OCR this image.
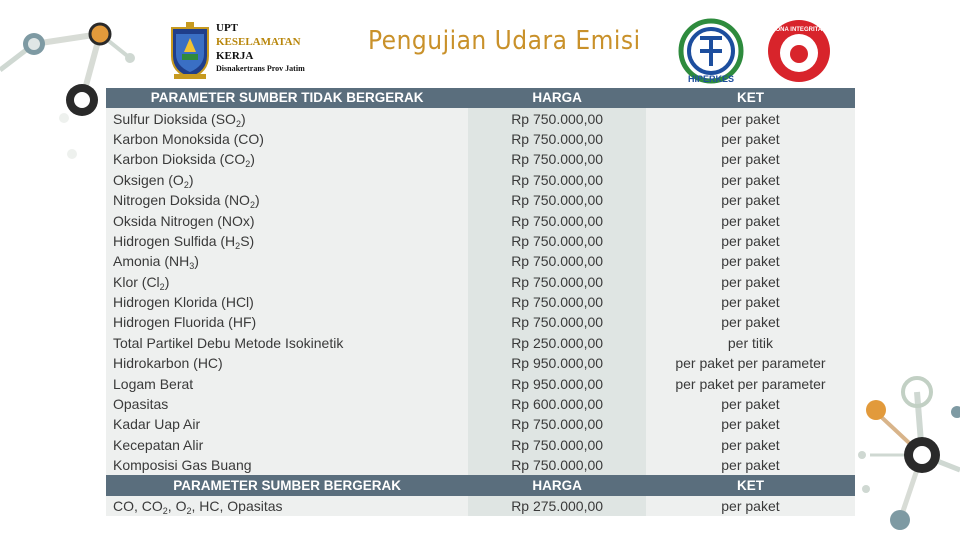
UPT
KESELAMATAN
KERJA
Disnakertrans Prov Jatim
Pengujian Udara Emisi
HIPERKES
ZONA INTEGRITAS
PARAMETER SUMBER TIDAK BERGERAK	HARGA	KET
Sulfur Dioksida $(SO_2)$	Rp 750.000,00	per paket
Karbon Monoksida (CO)	Rp 750.000,00	per paket
Karbon Dioksida $(CO_2)$	Rp 750.000,00	per paket
Oksigen $(O_2)$	Rp 750.000,00	per paket
Nitrogen Doksida $(NO_2)$	Rp 750.000,00	per paket
Oksida Nitrogen (NOx)	Rp 750.000,00	per paket
Hidrogen Sulfida $(H_2S)$	Rp 750.000,00	per paket
Amonia $(NH_3)$	Rp 750.000,00	per paket
Klor $(Cl_2)$	Rp 750.000,00	per paket
Hidrogen Klorida (HCl)	Rp 750.000,00	per paket
Hidrogen Fluorida (HF)	Rp 750.000,00	per paket
Total Partikel Debu Metode Isokinetik	Rp 250.000,00	per titik
Hidrokarbon (HC)	Rp 950.000,00	per paket per parameter
Logam Berat	Rp 950.000,00	per paket per parameter
Opasitas	Rp 600.000,00	per paket
Kadar Uap Air	Rp 750.000,00	per paket
Kecepatan Alir	Rp 750.000,00	per paket
Komposisi Gas Buang	Rp 750.000,00	per paket
PARAMETER SUMBER BERGERAK	HARGA	KET
CO, $CO_2$, $O_2$, HC, Opasitas	Rp 275.000,00	per paket
